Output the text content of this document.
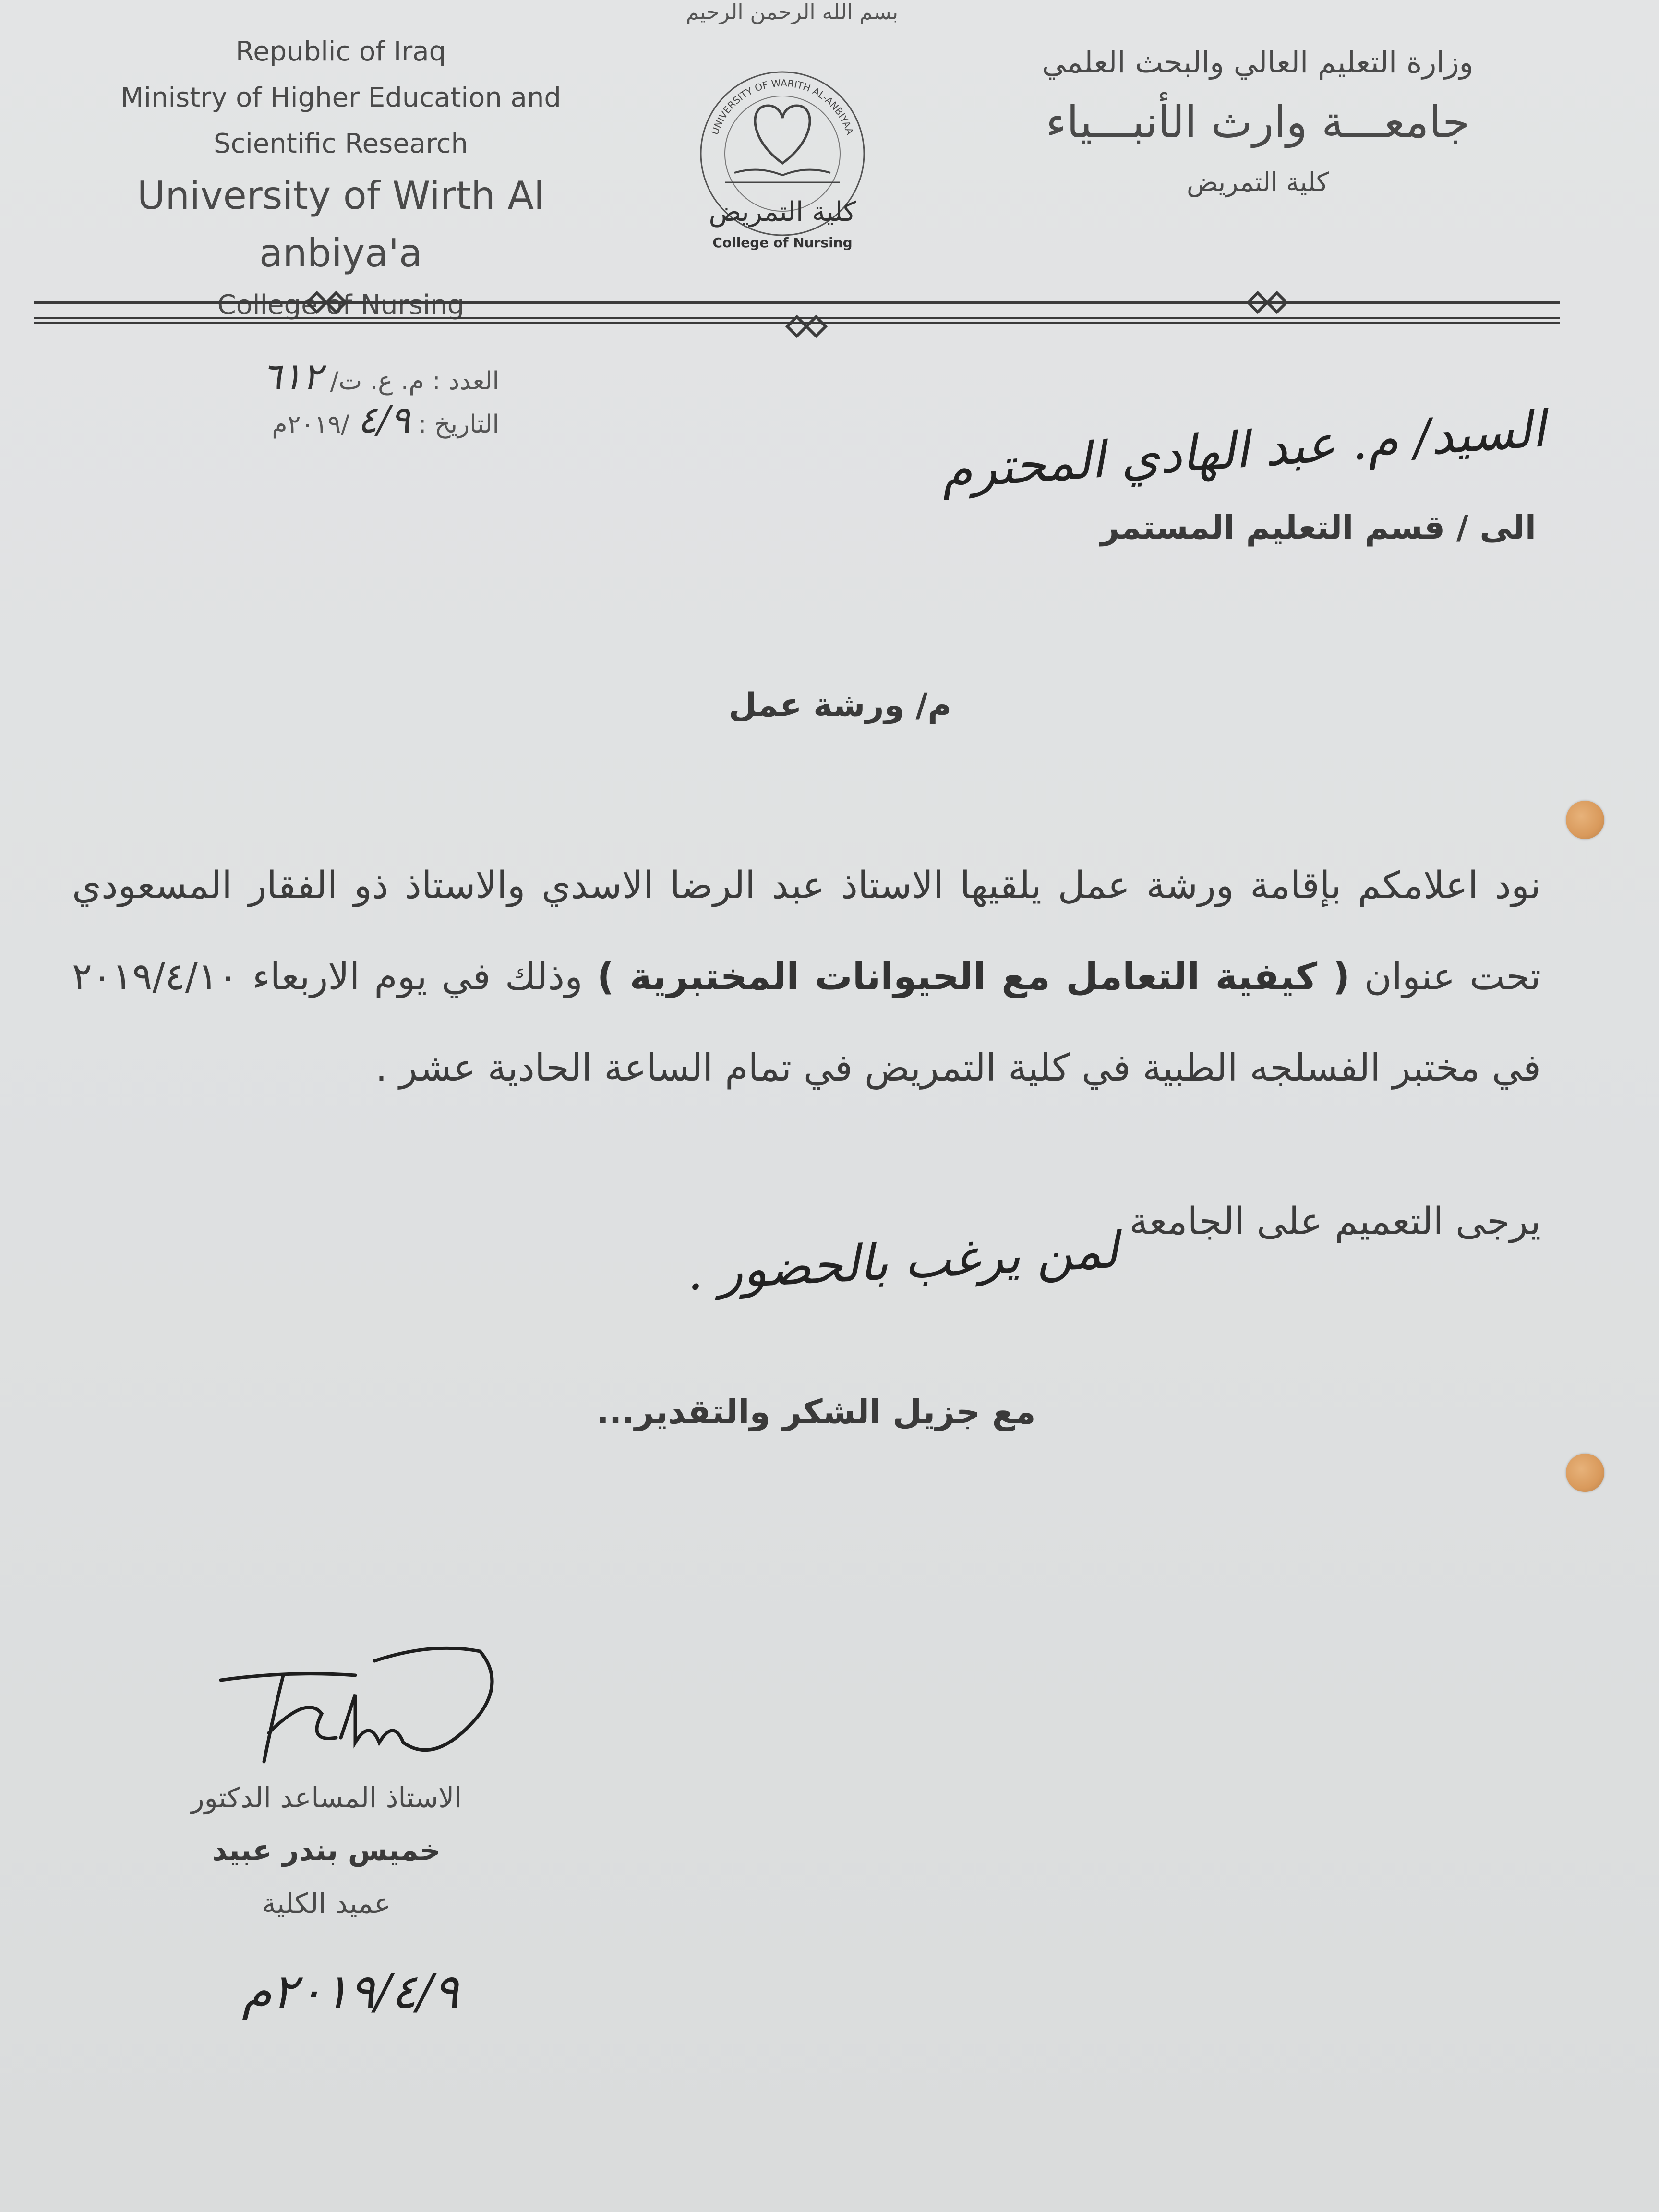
بسم الله الرحمن الرحيم
Republic of Iraq
Ministry of Higher Education and
Scientific Research
University of Wirth Al anbiya'a
College of Nursing
UNIVERSITY OF WARITH AL-ANBIYAA
كلية التمريض
College of Nursing
وزارة التعليم العالي والبحث العلمي
جامعـــة وارث الأنبـــياء
كلية التمريض
العدد : م. ع. ت/ ٦١٢
التاريخ : ٤/٩ /٢٠١٩م	السيد/ م. عبد الهادي المحترم
الى / قسم التعليم المستمر
م/ ورشة عمل
نود اعلامكم بإقامة ورشة عمل يلقيها الاستاذ عبد الرضا الاسدي والاستاذ ذو الفقار المسعودي تحت عنوان ( كيفية التعامل مع الحيوانات المختبرية ) وذلك في يوم الاربعاء ٢٠١٩/٤/١٠ في مختبر الفسلجه الطبية في كلية التمريض في تمام الساعة الحادية عشر .
يرجى التعميم على الجامعة
لمن يرغب بالحضور .
مع جزيل الشكر والتقدير...
الاستاذ المساعد الدكتور
خميس بندر عبيد
عميد الكلية
٢٠١٩/٤/٩م
